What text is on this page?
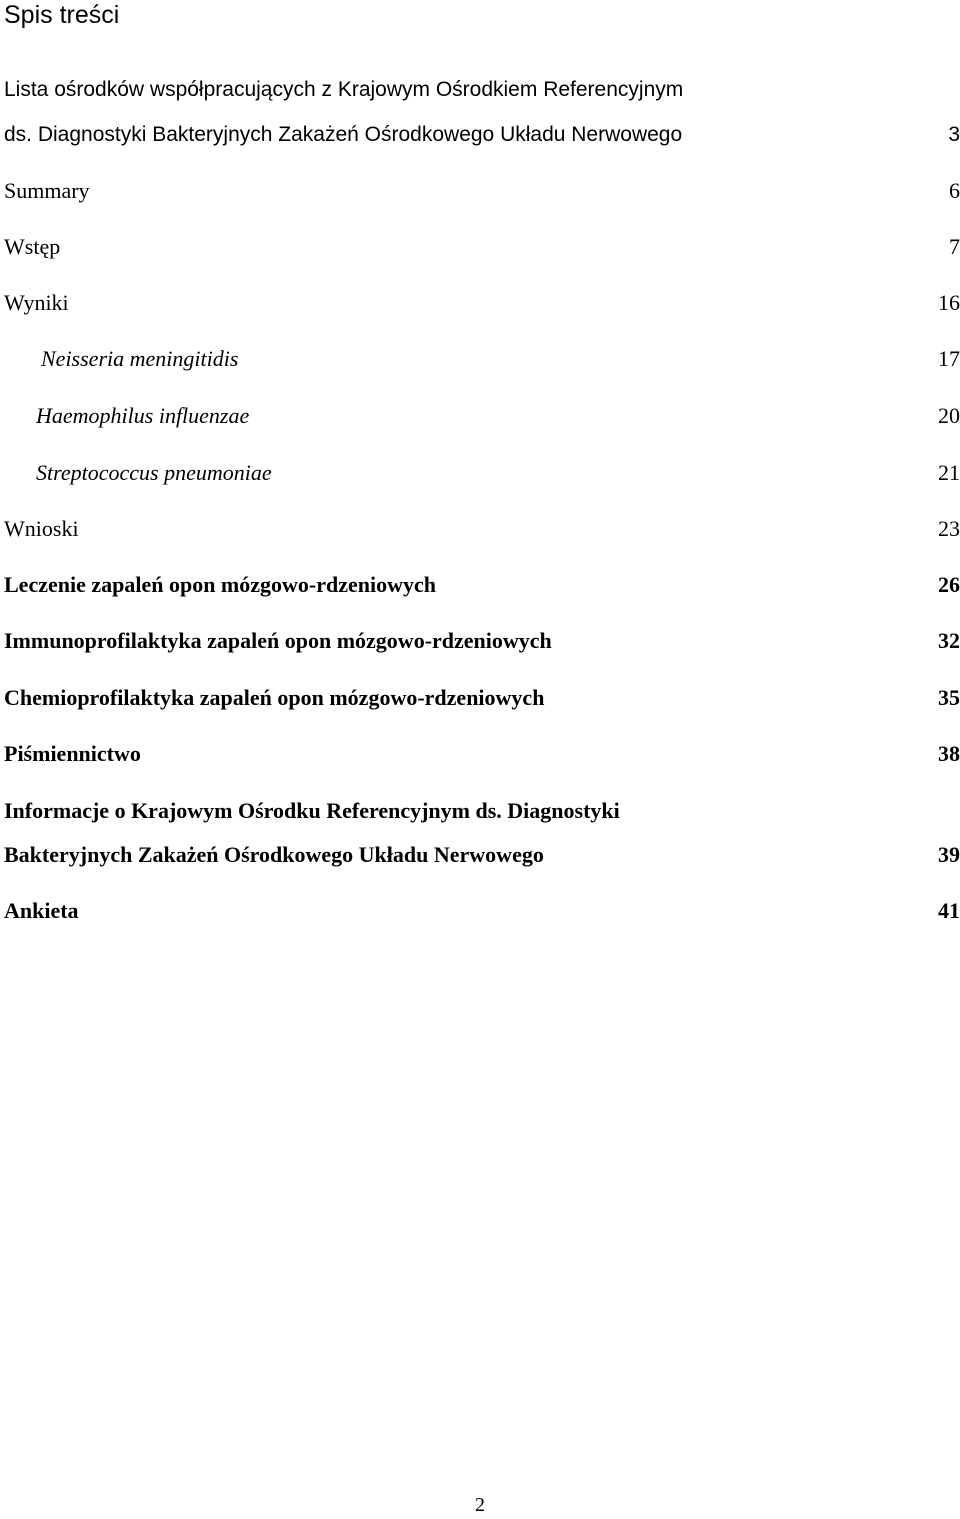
Spis treści
Lista ośrodków współpracujących z Krajowym Ośrodkiem Referencyjnym
ds. Diagnostyki Bakteryjnych Zakażeń Ośrodkowego Układu Nerwowego	3
Summary	6
Wstęp	7
Wyniki	16
Neisseria meningitidis	17
Haemophilus influenzae	20
Streptococcus pneumoniae	21
Wnioski	23
Leczenie zapaleń opon mózgowo-rdzeniowych	26
Immunoprofilaktyka zapaleń opon mózgowo-rdzeniowych	32
Chemioprofilaktyka zapaleń opon mózgowo-rdzeniowych	35
Piśmiennictwo	38
Informacje o Krajowym Ośrodku Referencyjnym ds. Diagnostyki
Bakteryjnych Zakażeń Ośrodkowego Układu Nerwowego	39
Ankieta	41
2
